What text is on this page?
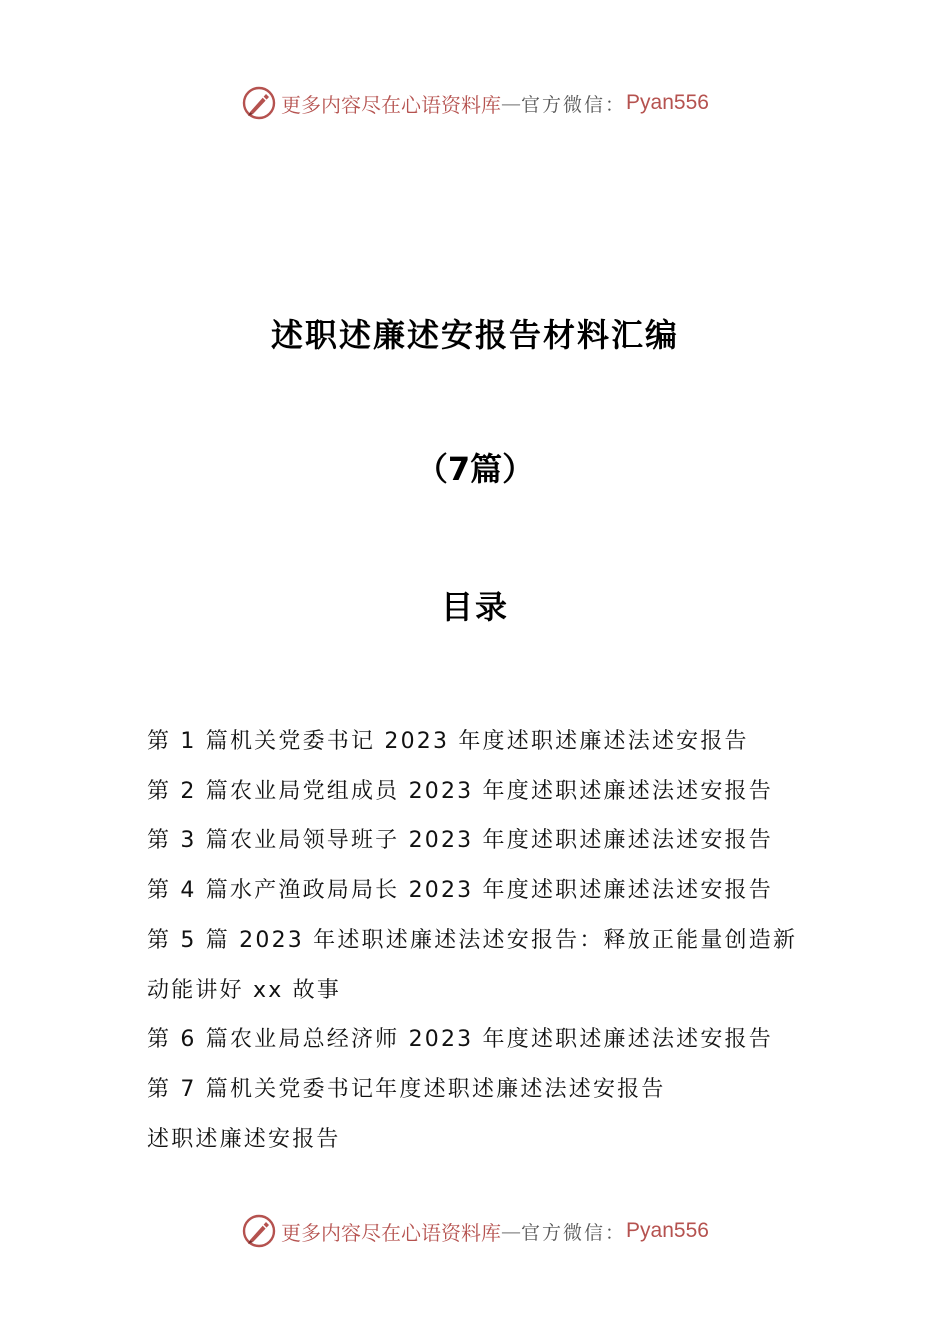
更多内容尽在心语资料库 — 官方微信： Pyan556
述职述廉述安报告材料汇编
（7篇）
目录
第 1 篇机关党委书记 2023 年度述职述廉述法述安报告
第 2 篇农业局党组成员 2023 年度述职述廉述法述安报告
第 3 篇农业局领导班子 2023 年度述职述廉述法述安报告
第 4 篇水产渔政局局长 2023 年度述职述廉述法述安报告
第 5 篇 2023 年述职述廉述法述安报告：释放正能量创造新
动能讲好 xx 故事
第 6 篇农业局总经济师 2023 年度述职述廉述法述安报告
第 7 篇机关党委书记年度述职述廉述法述安报告
述职述廉述安报告
更多内容尽在心语资料库 — 官方微信： Pyan556
